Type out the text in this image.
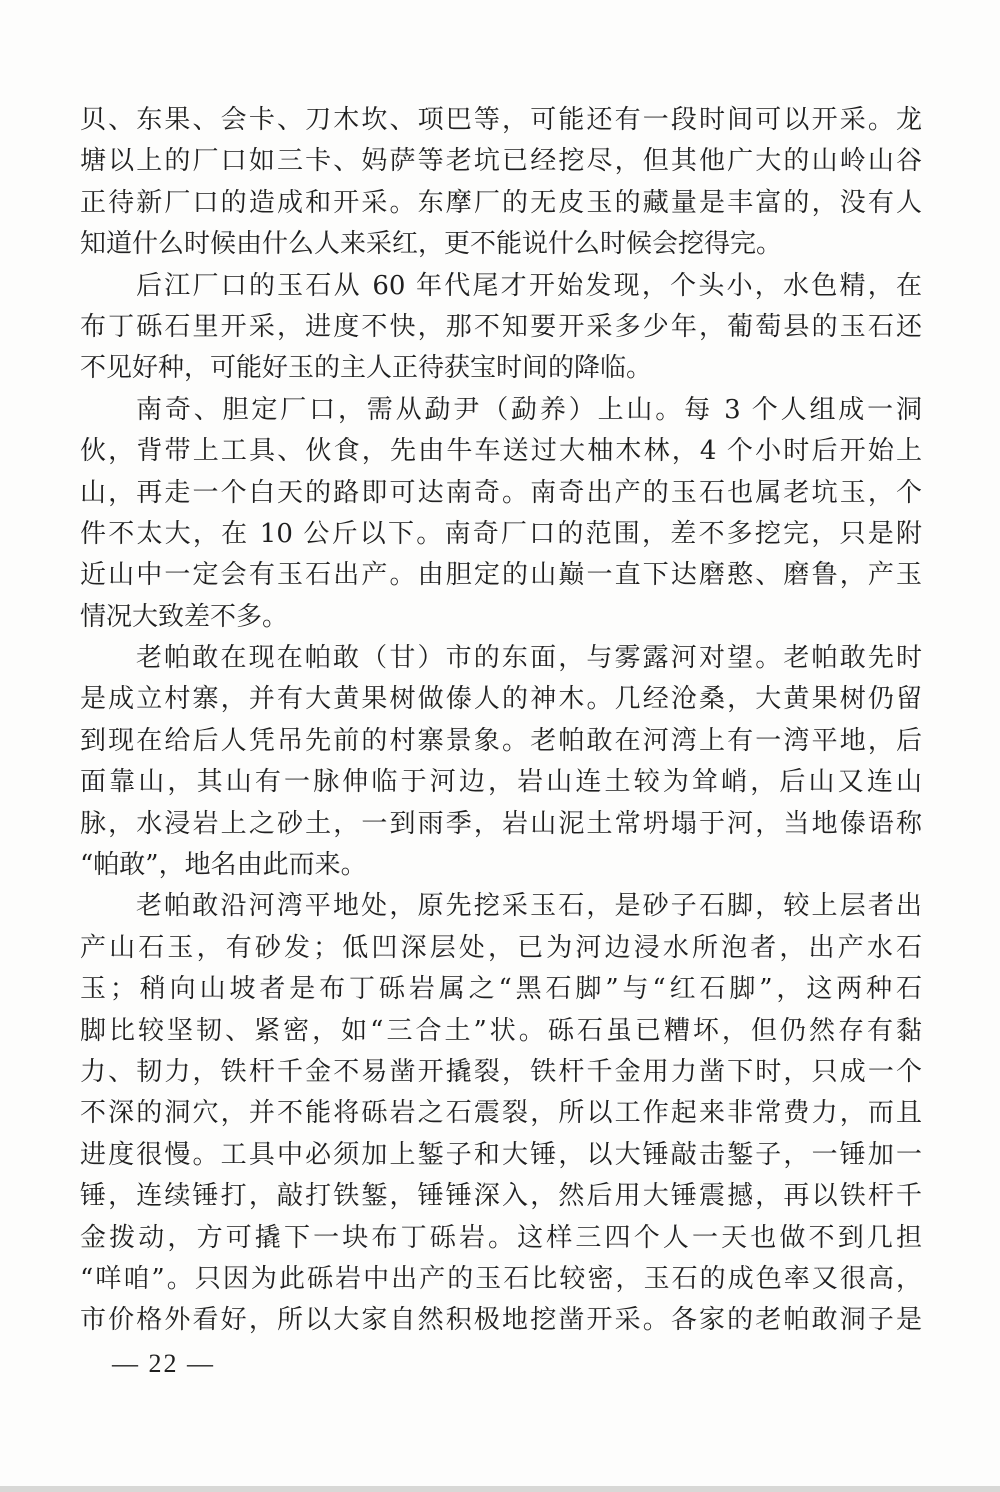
贝、东果、会卡、刀木坎、项巴等，可能还有一段时间可以开采。龙
塘以上的厂口如三卡、妈萨等老坑已经挖尽，但其他广大的山岭山谷
正待新厂口的造成和开采。东摩厂的无皮玉的藏量是丰富的，没有人
知道什么时候由什么人来采红，更不能说什么时候会挖得完。
后江厂口的玉石从 60 年代尾才开始发现，个头小，水色精，在
布丁砾石里开采，进度不快，那不知要开采多少年，葡萄县的玉石还
不见好种，可能好玉的主人正待获宝时间的降临。
南奇、胆定厂口，需从勐尹（勐养）上山。每 3 个人组成一洞
伙，背带上工具、伙食，先由牛车送过大柚木林，4 个小时后开始上
山，再走一个白天的路即可达南奇。南奇出产的玉石也属老坑玉，个
件不太大，在 10 公斤以下。南奇厂口的范围，差不多挖完，只是附
近山中一定会有玉石出产。由胆定的山巅一直下达磨憨、磨鲁，产玉
情况大致差不多。
老帕敢在现在帕敢（甘）市的东面，与雾露河对望。老帕敢先时
是成立村寨，并有大黄果树做傣人的神木。几经沧桑，大黄果树仍留
到现在给后人凭吊先前的村寨景象。老帕敢在河湾上有一湾平地，后
面靠山，其山有一脉伸临于河边，岩山连土较为耸峭，后山又连山
脉，水浸岩上之砂土，一到雨季，岩山泥土常坍塌于河，当地傣语称
“帕敢”，地名由此而来。
老帕敢沿河湾平地处，原先挖采玉石，是砂子石脚，较上层者出
产山石玉，有砂发；低凹深层处，已为河边浸水所泡者，出产水石
玉；稍向山坡者是布丁砾岩属之“黑石脚”与“红石脚”，这两种石
脚比较坚韧、紧密，如“三合土”状。砾石虽已糟坏，但仍然存有黏
力、韧力，铁杆千金不易凿开撬裂，铁杆千金用力凿下时，只成一个
不深的洞穴，并不能将砾岩之石震裂，所以工作起来非常费力，而且
进度很慢。工具中必须加上錾子和大锤，以大锤敲击錾子，一锤加一
锤，连续锤打，敲打铁錾，锤锤深入，然后用大锤震撼，再以铁杆千
金拨动，方可撬下一块布丁砾岩。这样三四个人一天也做不到几担
“咩咱”。只因为此砾岩中出产的玉石比较密，玉石的成色率又很高，
市价格外看好，所以大家自然积极地挖凿开采。各家的老帕敢洞子是
— 22 —
